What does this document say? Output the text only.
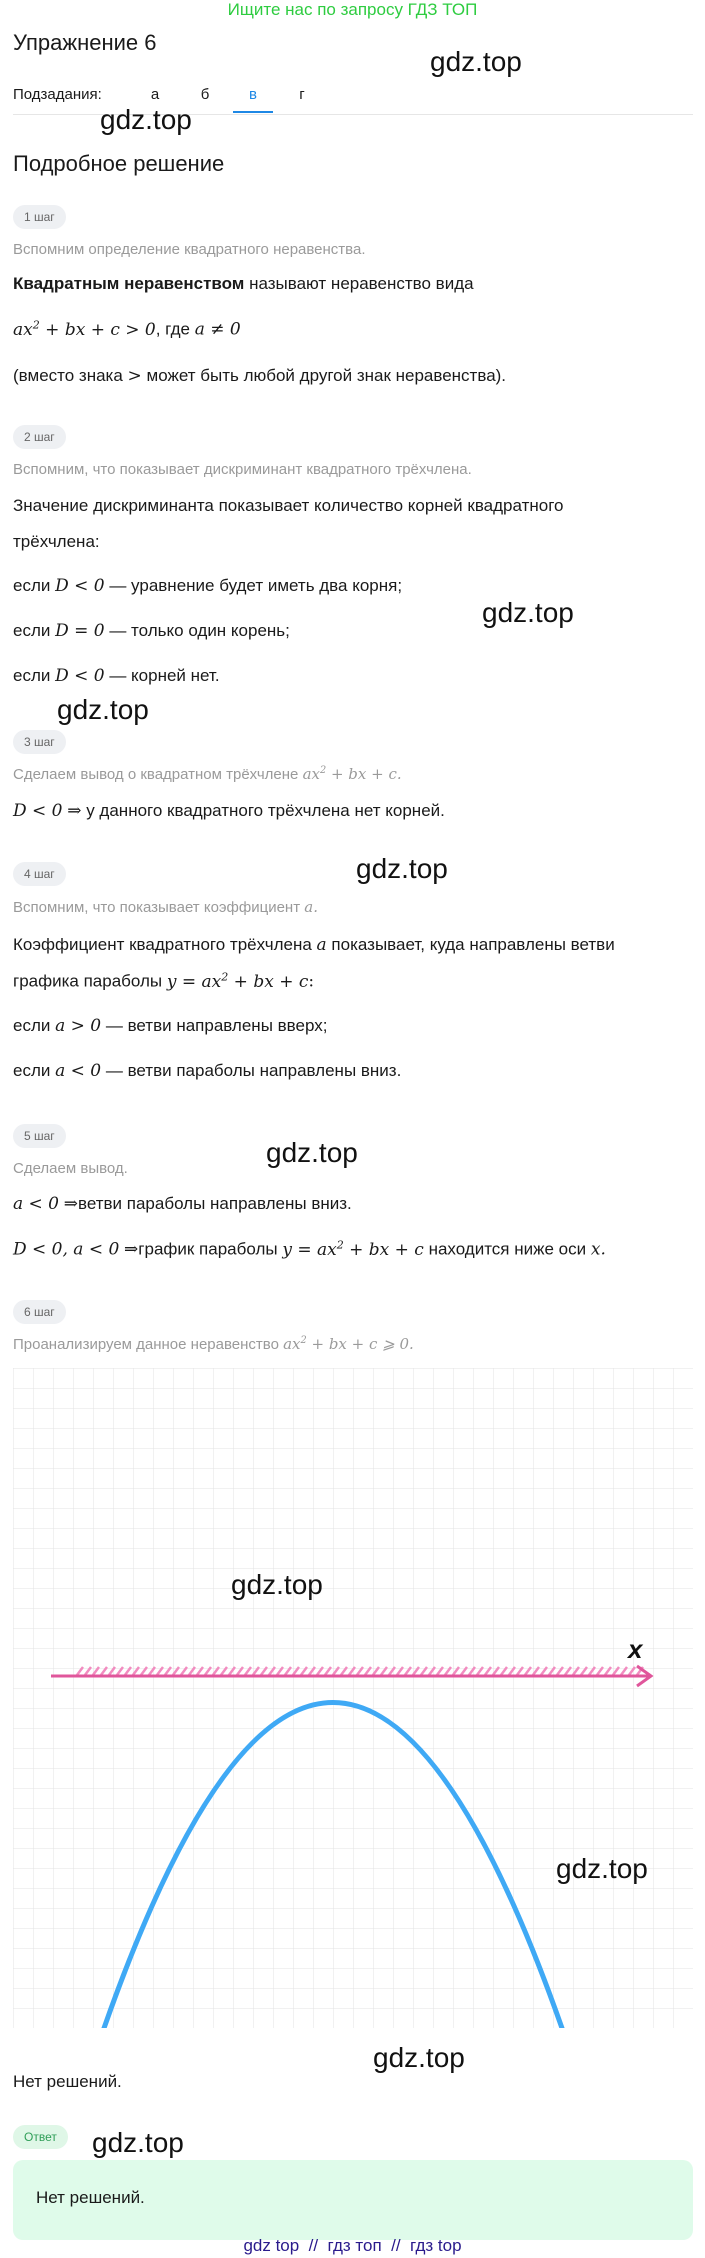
Ищите нас по запросу ГДЗ ТОП
Упражнение 6
gdz.top
Подзадания:	а	б	в	г
gdz.top
Подробное решение
1 шаг
Вспомним определение квадратного неравенства.
Квадратным неравенством называют неравенство вида
$ax^2$ + bx + c > 0, где a ≠ 0
(вместо знака > может быть любой другой знак неравенства).
2 шаг
Вспомним, что показывает дискриминант квадратного трёхчлена.
Значение дискриминанта показывает количество корней квадратного
трёхчлена:
если D < 0 — уравнение будет иметь два корня;
если D = 0 — только один корень;
если D < 0 — корней нет.
gdz.top
gdz.top
3 шаг
Сделаем вывод о квадратном трёхчлене $ax^2$ + bx + c.
D < 0 ⇒ у данного квадратного трёхчлена нет корней.
gdz.top
4 шаг
Вспомним, что показывает коэффициент a.
Коэффициент квадратного трёхчлена a показывает, куда направлены ветви
графика параболы $y = ax^2$ + bx + c:
если a > 0 — ветви направлены вверх;
если a < 0 — ветви параболы направлены вниз.
5 шаг
Сделаем вывод.
gdz.top
a < 0 ⇒ветви параболы направлены вниз.
D < 0, a < 0 ⇒график параболы $y = ax^2$ + bx + c находится ниже оси x.
6 шаг
Проанализируем данное неравенство $ax^2$ + bx + c ⩾ 0.
x
gdz.top
gdz.top
gdz.top
Нет решений.
Ответ	gdz.top
Нет решений.
gdz top  //  гдз топ  //  гдз top
